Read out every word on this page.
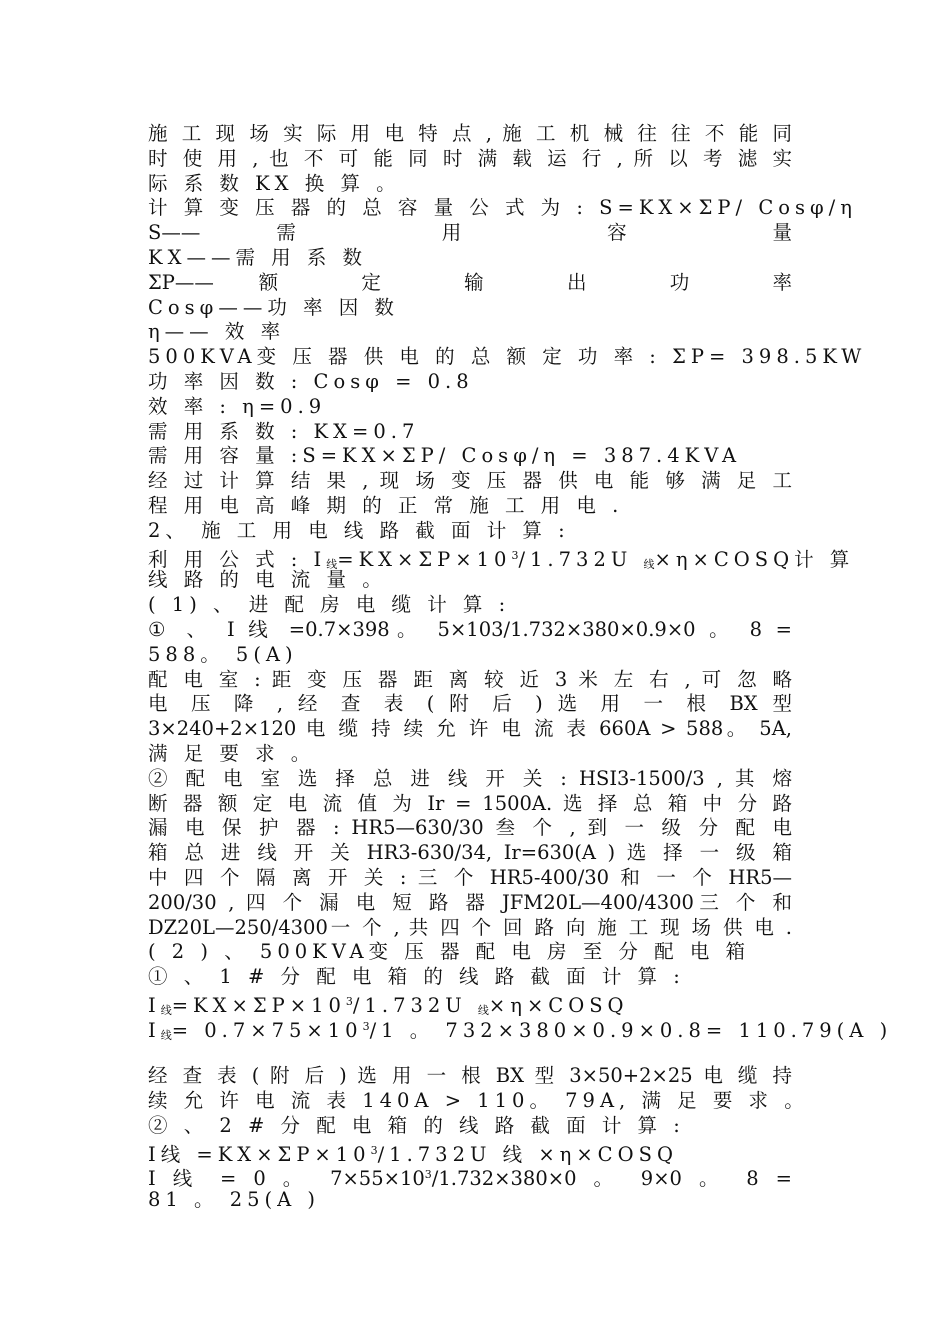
施 工 现 场 实 际 用 电 特 点 , 施 工 机 械 往 往 不 能 同
时 使 用 , 也 不 可 能 同 时 满 载 运 行 , 所 以 考 滤 实
际 系 数 KX 换 算 。
计 算 变 压 器 的 总 容 量 公 式 为 : S=KX×ΣP/ Cosφ/η
S—— 需 用 容 量
KX——需 用 系 数
ΣP—— 额 定 输 出 功 率
Cosφ——功 率 因 数
η—— 效 率
500KVA变 压 器 供 电 的 总 额 定 功 率 : ΣP= 398.5KW
功 率 因 数 : Cosφ = 0.8
效 率 : η=0.9
需 用 系 数 : KX=0.7
需 用 容 量 :S=KX×ΣP/ Cosφ/η = 387.4KVA
经 过 计 算 结 果 , 现 场 变 压 器 供 电 能 够 满 足 工
程 用 电 高 峰 期 的 正 常 施 工 用 电 .
2、 施 工 用 电 线 路 截 面 计 算 :
利 用 公 式 : $I_线=KX\times\Sigma P\times 10^3/1.732U$ $_线$×η×COSQ计 算
线 路 的 电 流 量 。
( 1) 、 进 配 房 电 缆 计 算 :
① 、 I 线 =0.7×398。 5×103/1.732×380×0.9×0 。 8 =
588。 5(A)
配 电 室 : 距 变 压 器 距 离 较 近 3 米 左 右 , 可 忽 略
电 压 降 , 经 查 表 ( 附 后 ) 选 用 一 根 BX 型
3×240+2×120 电 缆 持 续 允 许 电 流 表 660A > 588。 5A,
满 足 要 求 。
② 配 电 室 选 择 总 进 线 开 关 : HSI3-1500/3 , 其 熔
断 器 额 定 电 流 值 为 Ir = 1500A. 选 择 总 箱 中 分 路
漏 电 保 护 器 : HR5—630/30 叁 个 , 到 一 级 分 配 电
箱 总 进 线 开 关 HR3-630/34, Ir=630(A ) 选 择 一 级 箱
中 四 个 隔 离 开 关 : 三 个 HR5-400/30 和 一 个 HR5—
200/30 , 四 个 漏 电 短 路 器 JFM20L—400/4300三 个 和
DZ20L—250/4300一 个 , 共 四 个 回 路 向 施 工 现 场 供 电 .
( 2 ) 、 500KVA变 压 器 配 电 房 至 分 配 电 箱
① 、 1 # 分 配 电 箱 的 线 路 截 面 计 算 :
$I_线=KX\times\Sigma P\times 10^3/1.732U$ $_线$×η×COSQ
$I_线= 0.7\times 75\times 10^3/1$ 。 732×380×0.9×0.8= 110.79(A )
经 查 表 ( 附 后 ) 选 用 一 根 BX 型 3×50+2×25 电 缆 持
续 允 许 电 流 表 140A > 110。 79A, 满 足 要 求 。
② 、 2 # 分 配 电 箱 的 线 路 截 面 计 算 :
I线 $=KX\times\Sigma P\times 10^3/1.732U$ 线 ×η×COSQ
I 线 = 0 。 $7\times 55\times 10^3/1.732\times 380\times 0$ 。 9×0 。 8 =
81 。 25(A )
